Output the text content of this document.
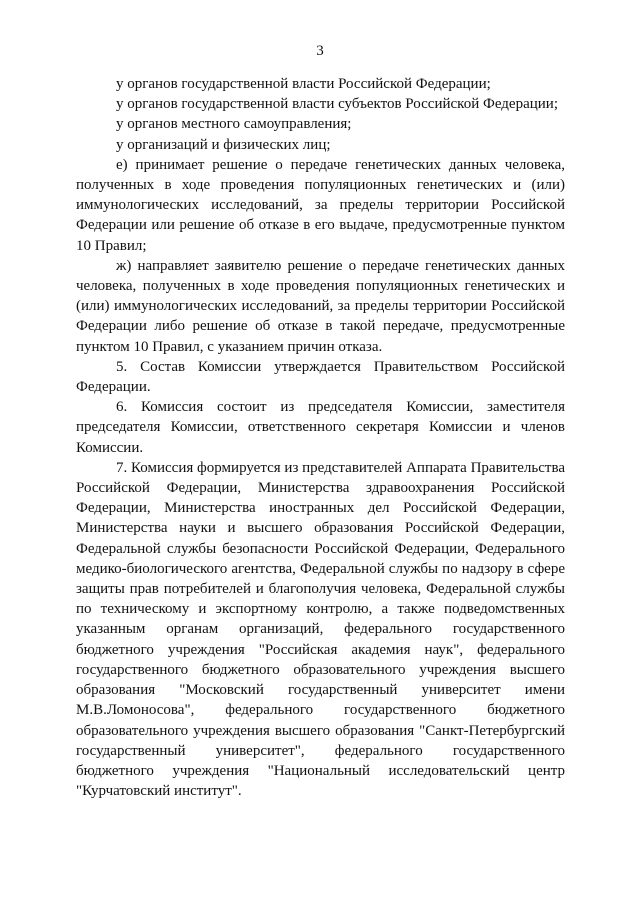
3

у органов государственной власти Российской Федерации;

у органов государственной власти субъектов Российской Федерации;

у органов местного самоуправления;

у организаций и физических лиц;

е) принимает решение о передаче генетических данных человека, полученных в ходе проведения популяционных генетических и (или) иммунологических исследований, за пределы территории Российской Федерации или решение об отказе в его выдаче, предусмотренные пунктом 10 Правил;

ж) направляет заявителю решение о передаче генетических данных человека, полученных в ходе проведения популяционных генетических и (или) иммунологических исследований, за пределы территории Российской Федерации либо решение об отказе в такой передаче, предусмотренные пунктом 10 Правил, с указанием причин отказа.

5. Состав Комиссии утверждается Правительством Российской Федерации.

6. Комиссия состоит из председателя Комиссии, заместителя председателя Комиссии, ответственного секретаря Комиссии и членов Комиссии.

7. Комиссия формируется из представителей Аппарата Правительства Российской Федерации, Министерства здравоохранения Российской Федерации, Министерства иностранных дел Российской Федерации, Министерства науки и высшего образования Российской Федерации, Федеральной службы безопасности Российской Федерации, Федерального медико-биологического агентства, Федеральной службы по надзору в сфере защиты прав потребителей и благополучия человека, Федеральной службы по техническому и экспортному контролю, а также подведомственных указанным органам организаций, федерального государственного бюджетного учреждения "Российская академия наук", федерального государственного бюджетного образовательного учреждения высшего образования "Московский государственный университет имени М.В.Ломоносова", федерального государственного бюджетного образовательного учреждения высшего образования "Санкт-Петербургский государственный университет", федерального государственного бюджетного учреждения "Национальный исследовательский центр "Курчатовский институт".
